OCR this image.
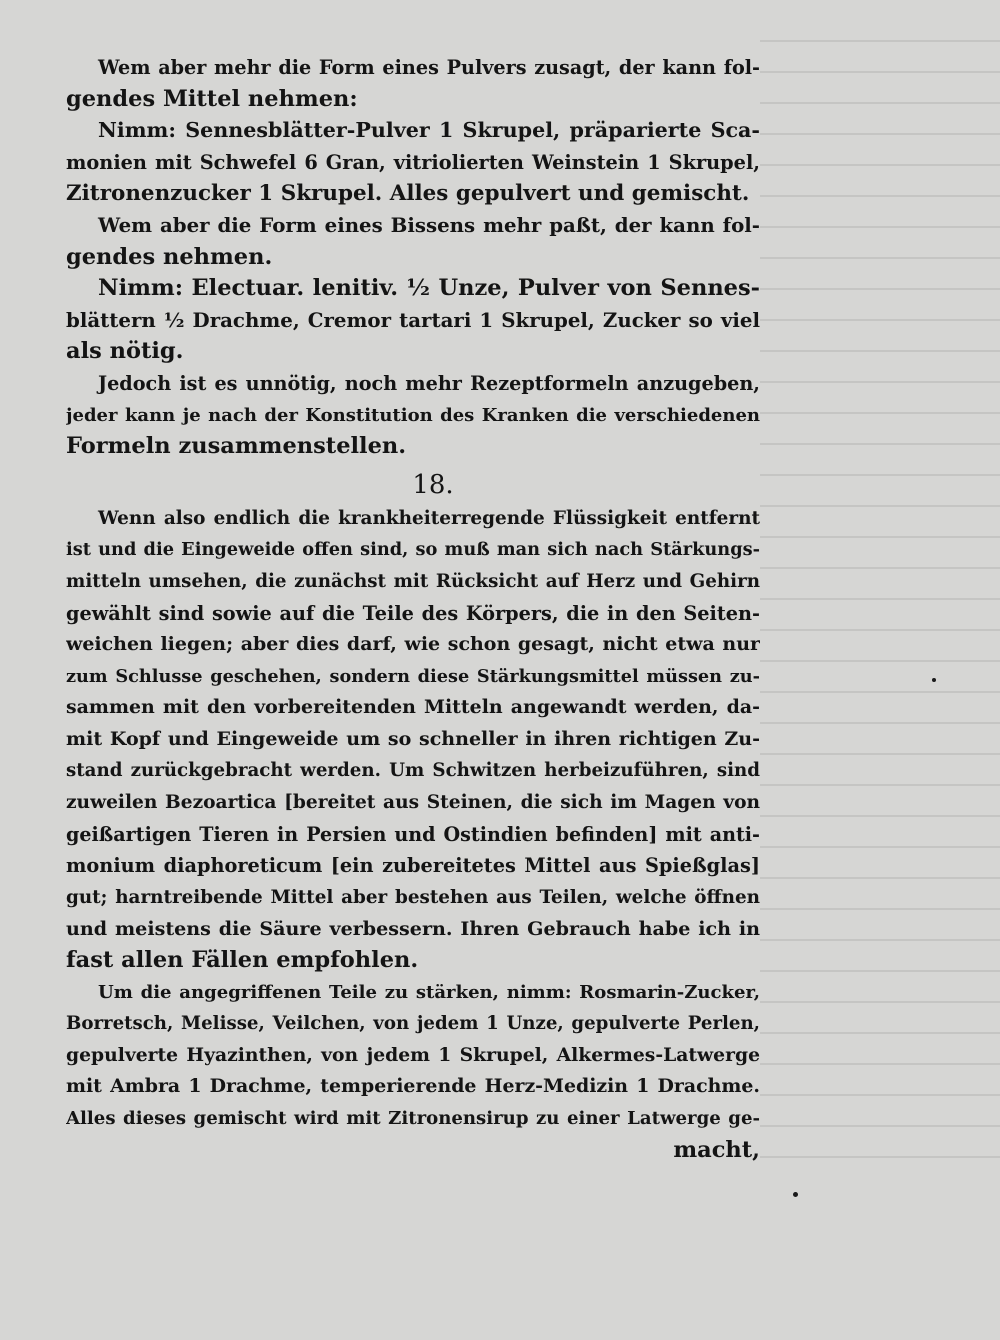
Wem aber mehr die Form eines Pulvers zusagt, der kann fol-
gendes Mittel nehmen:
Nimm: Sennesblätter-Pulver 1 Skrupel, präparierte Sca-
monien mit Schwefel 6 Gran, vitriolierten Weinstein 1 Skrupel,
Zitronenzucker 1 Skrupel. Alles gepulvert und gemischt.
Wem aber die Form eines Bissens mehr paßt, der kann fol-
gendes nehmen.
Nimm: Electuar. lenitiv. ½ Unze, Pulver von Sennes-
blättern ½ Drachme, Cremor tartari 1 Skrupel, Zucker so viel
als nötig.
Jedoch ist es unnötig, noch mehr Rezeptformeln anzugeben,
jeder kann je nach der Konstitution des Kranken die verschiedenen
Formeln zusammenstellen.
18.
Wenn also endlich die krankheiterregende Flüssigkeit entfernt
ist und die Eingeweide offen sind, so muß man sich nach Stärkungs-
mitteln umsehen, die zunächst mit Rücksicht auf Herz und Gehirn
gewählt sind sowie auf die Teile des Körpers, die in den Seiten-
weichen liegen; aber dies darf, wie schon gesagt, nicht etwa nur
zum Schlusse geschehen, sondern diese Stärkungsmittel müssen zu-
sammen mit den vorbereitenden Mitteln angewandt werden, da-
mit Kopf und Eingeweide um so schneller in ihren richtigen Zu-
stand zurückgebracht werden. Um Schwitzen herbeizuführen, sind
zuweilen Bezoartica [bereitet aus Steinen, die sich im Magen von
geißartigen Tieren in Persien und Ostindien befinden] mit anti-
monium diaphoreticum [ein zubereitetes Mittel aus Spießglas]
gut; harntreibende Mittel aber bestehen aus Teilen, welche öffnen
und meistens die Säure verbessern. Ihren Gebrauch habe ich in
fast allen Fällen empfohlen.
Um die angegriffenen Teile zu stärken, nimm: Rosmarin-Zucker,
Borretsch, Melisse, Veilchen, von jedem 1 Unze, gepulverte Perlen,
gepulverte Hyazinthen, von jedem 1 Skrupel, Alkermes-Latwerge
mit Ambra 1 Drachme, temperierende Herz-Medizin 1 Drachme.
Alles dieses gemischt wird mit Zitronensirup zu einer Latwerge ge-
macht,
